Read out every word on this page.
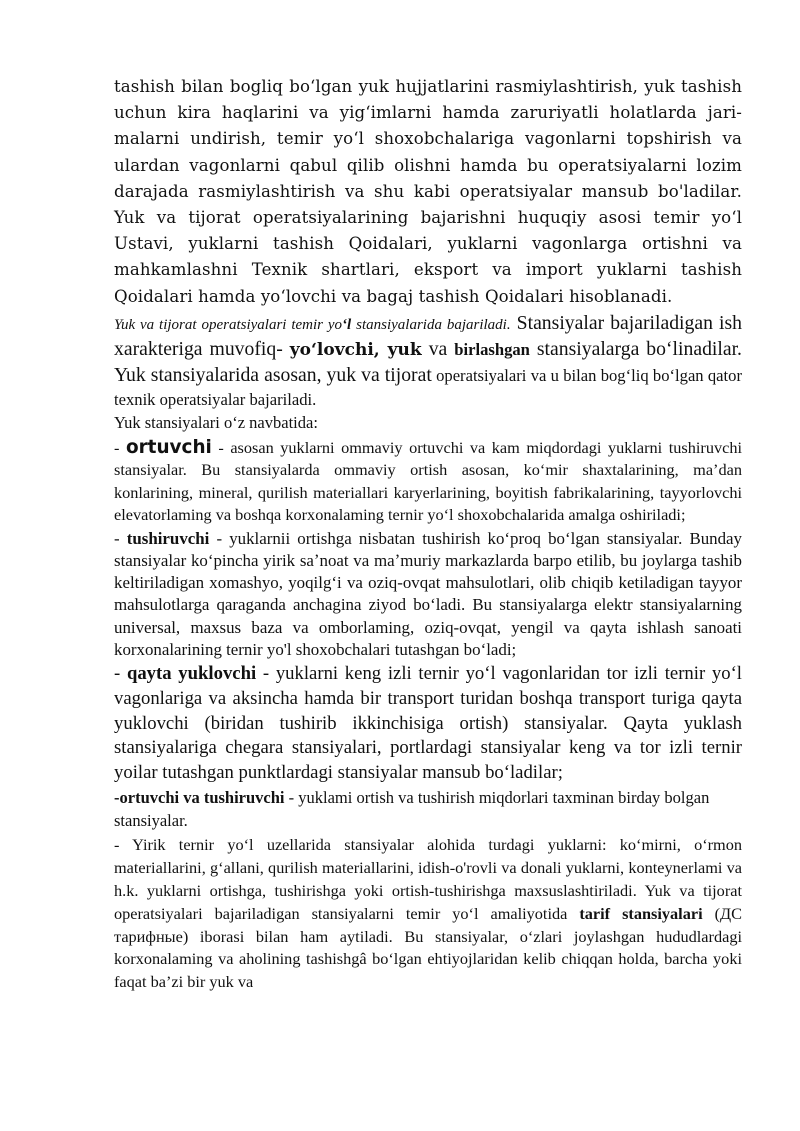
tashish bilan bogliq boʻlgan yuk hujjatlarini rasmiylashtirish, yuk tashish uchun kira haqlarini va yigʻimlarni hamda zaruriyatli holatlarda jari- malarni undirish, temir yoʻl shoxobchalariga vagonlarni topshirish va ulardan vagonlarni qabul qilib olishni hamda bu operatsiyalarni lozim darajada rasmiylashtirish va shu kabi operatsiyalar mansub bo'ladilar. Yuk va tijorat operatsiyalarining bajarishni huquqiy asosi temir yoʻl Ustavi, yuklarni tashish Qoidalari, yuklarni vagonlarga ortishni va mahkamlashni Texnik shartlari, eksport va import yuklarni tashish Qoidalari hamda yoʻlovchi va bagaj tashish Qoidalari hisoblanadi.

Yuk va tijorat operatsiyalari temir yoʻl stansiyalarida bajariladi. Stansiyalar bajariladigan ish xarakteriga muvofiq- yoʻlovchi, yuk va birlashgan stansiyalarga boʻlinadilar. Yuk stansiyalarida asosan, yuk va tijorat operatsiyalari va u bilan bogʻliq boʻlgan qator texnik operatsiyalar bajariladi.

Yuk stansiyalari oʻz navbatida:

- ortuvchi - asosan yuklarni ommaviy ortuvchi va kam miqdordagi yuklarni tushiruvchi stansiyalar. Bu stansiyalarda ommaviy ortish asosan, koʻmir shaxtalarining, maʼdan konlarining, mineral, qurilish materiallari karyerlarining, boyitish fabrikalarining, tayyorlovchi elevatorlaming va boshqa korxonalaming ternir yoʻl shoxobchalarida amalga oshiriladi;

- tushiruvchi - yuklarnii ortishga nisbatan tushirish koʻproq boʻlgan stansiyalar. Bunday stansiyalar koʻpincha yirik saʼnoat va maʼmuriy markazlarda barpo etilib, bu joylarga tashib keltiriladigan xomashyo, yoqilgʻi va oziq-ovqat mahsulotlari, olib chiqib ketiladigan tayyor mahsulotlarga qaraganda anchagina ziyod boʻladi. Bu stansiyalarga elektr stansiyalarning universal, maxsus baza va omborlaming, oziq-ovqat, yengil va qayta ishlash sanoati korxonalarining ternir yo'l shoxobchalari tutashgan boʻladi;

- qayta yuklovchi - yuklarni keng izli ternir yoʻl vagonlaridan tor izli ternir yoʻl vagonlariga va aksincha hamda bir transport turidan boshqa transport turiga qayta yuklovchi (biridan tushirib ikkinchisiga ortish) stansiyalar. Qayta yuklash stansiyalariga chegara stansiyalari, portlardagi stansiyalar keng va tor izli ternir yoilar tutashgan punktlardagi stansiyalar mansub boʻladilar;

-ortuvchi va tushiruvchi - yuklami ortish va tushirish miqdorlari taxminan birday bolgan stansiyalar.

- Yirik ternir yoʻl uzellarida stansiyalar alohida turdagi yuklarni: koʻmirni, oʻrmon materiallarini, gʻallani, qurilish materiallarini, idish-o'rovli va donali yuklarni, konteynerlami va h.k. yuklarni ortishga, tushirishga yoki ortish-tushirishga maxsuslashtiriladi. Yuk va tijorat operatsiyalari bajariladigan stansiyalarni temir yoʻl amaliyotida tarif stansiyalari (ДС тарифные) iborasi bilan ham aytiladi. Bu stansiyalar, oʻzlari joylashgan hududlardagi korxonalaming va aholining tashishgâ boʻlgan ehtiyojlaridan kelib chiqqan holda, barcha yoki faqat baʼzi bir yuk va
